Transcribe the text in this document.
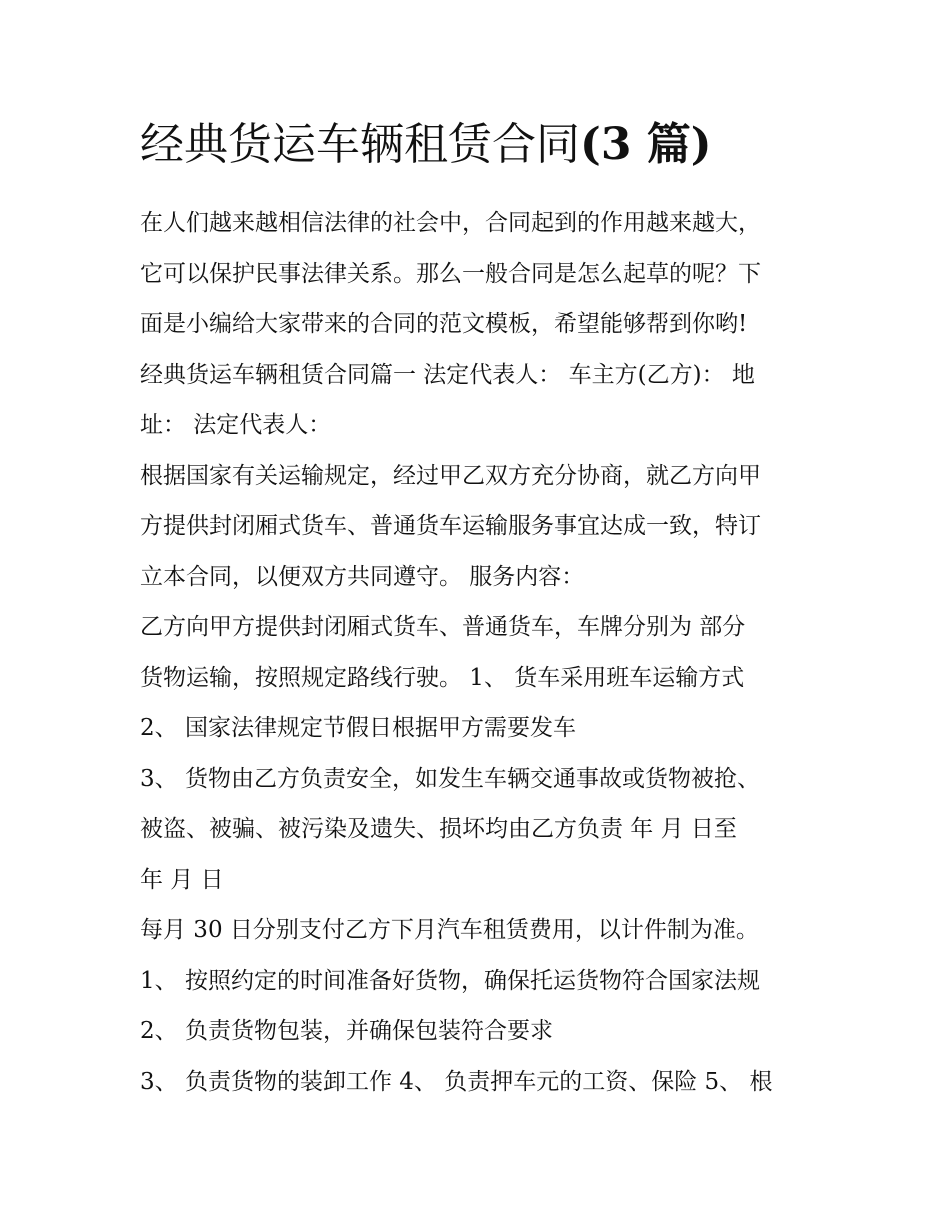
经典货运车辆租赁合同(3 篇)
在人们越来越相信法律的社会中，合同起到的作用越来越大，
它可以保护民事法律关系。那么一般合同是怎么起草的呢？下
面是小编给大家带来的合同的范文模板，希望能够帮到你哟!
经典货运车辆租赁合同篇一 法定代表人： 车主方(乙方)： 地
址： 法定代表人：
根据国家有关运输规定，经过甲乙双方充分协商，就乙方向甲
方提供封闭厢式货车、普通货车运输服务事宜达成一致，特订
立本合同，以便双方共同遵守。 服务内容：
乙方向甲方提供封闭厢式货车、普通货车，车牌分别为 部分
货物运输，按照规定路线行驶。 1、 货车采用班车运输方式
2、 国家法律规定节假日根据甲方需要发车
3、 货物由乙方负责安全，如发生车辆交通事故或货物被抢、
被盗、被骗、被污染及遗失、损坏均由乙方负责 年 月 日至
年 月 日
每月 30 日分别支付乙方下月汽车租赁费用，以计件制为准。
1、 按照约定的时间准备好货物，确保托运货物符合国家法规
2、 负责货物包装，并确保包装符合要求
3、 负责货物的装卸工作 4、 负责押车元的工资、保险 5、 根
